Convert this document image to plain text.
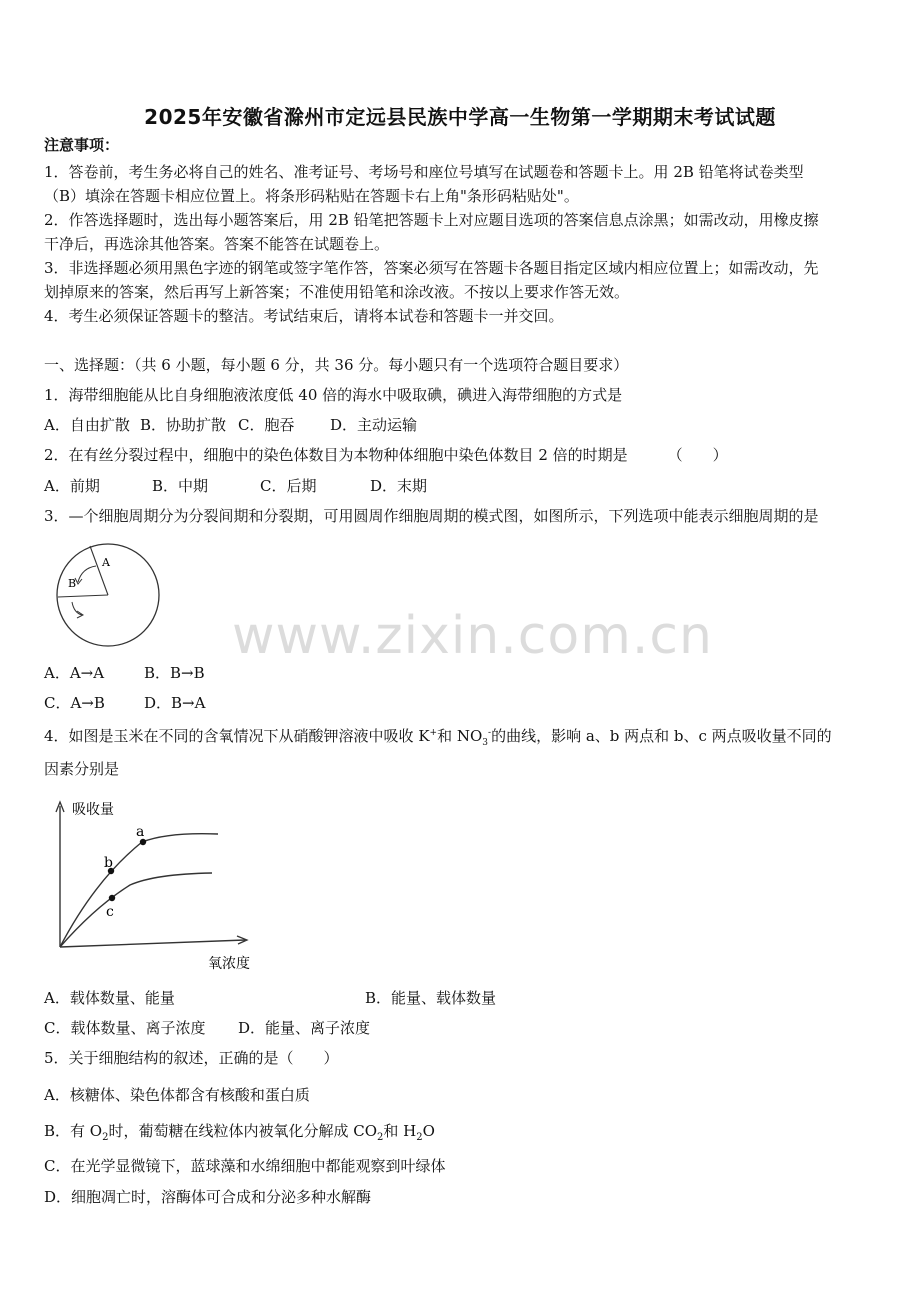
2025年安徽省滁州市定远县民族中学高一生物第一学期期末考试试题
注意事项：
1．答卷前，考生务必将自己的姓名、准考证号、考场号和座位号填写在试题卷和答题卡上。用 2B 铅笔将试卷类型
（B）填涂在答题卡相应位置上。将条形码粘贴在答题卡右上角"条形码粘贴处"。
2．作答选择题时，选出每小题答案后，用 2B 铅笔把答题卡上对应题目选项的答案信息点涂黑；如需改动，用橡皮擦
干净后，再选涂其他答案。答案不能答在试题卷上。
3．非选择题必须用黑色字迹的钢笔或签字笔作答，答案必须写在答题卡各题目指定区域内相应位置上；如需改动，先
划掉原来的答案，然后再写上新答案；不准使用铅笔和涂改液。不按以上要求作答无效。
4．考生必须保证答题卡的整洁。考试结束后，请将本试卷和答题卡一并交回。
一、选择题：（共 6 小题，每小题 6 分，共 36 分。每小题只有一个选项符合题目要求）
1．海带细胞能从比自身细胞液浓度低 40 倍的海水中吸取碘，碘进入海带细胞的方式是
A．自由扩散 B．协助扩散 C．胞吞 D．主动运输
2．在有丝分裂过程中，细胞中的染色体数目为本物种体细胞中染色体数目 2 倍的时期是	（　　）
A．前期	B．中期	C．后期	D．末期
3．—个细胞周期分为分裂间期和分裂期，可用圆周作细胞周期的模式图，如图所示，下列选项中能表示细胞周期的是
A
B
A．A→A	B．B→B
C．A→B	D．B→A
4．如图是玉米在不同的含氧情况下从硝酸钾溶液中吸收 K+和 $NO_3^-$的曲线，影响 a、b 两点和 b、c 两点吸收量不同的
因素分别是
a
b
c
吸收量
氧浓度
A．载体数量、能量	B．能量、载体数量
C．载体数量、离子浓度 D．能量、离子浓度
5．关于细胞结构的叙述，正确的是（　　）
A．核糖体、染色体都含有核酸和蛋白质
B．有 $O_2$时，葡萄糖在线粒体内被氧化分解成 $CO_2$和 $H_2O$
C．在光学显微镜下，蓝球藻和水绵细胞中都能观察到叶绿体
D．细胞凋亡时，溶酶体可合成和分泌多种水解酶
www.zixin.com.cn
